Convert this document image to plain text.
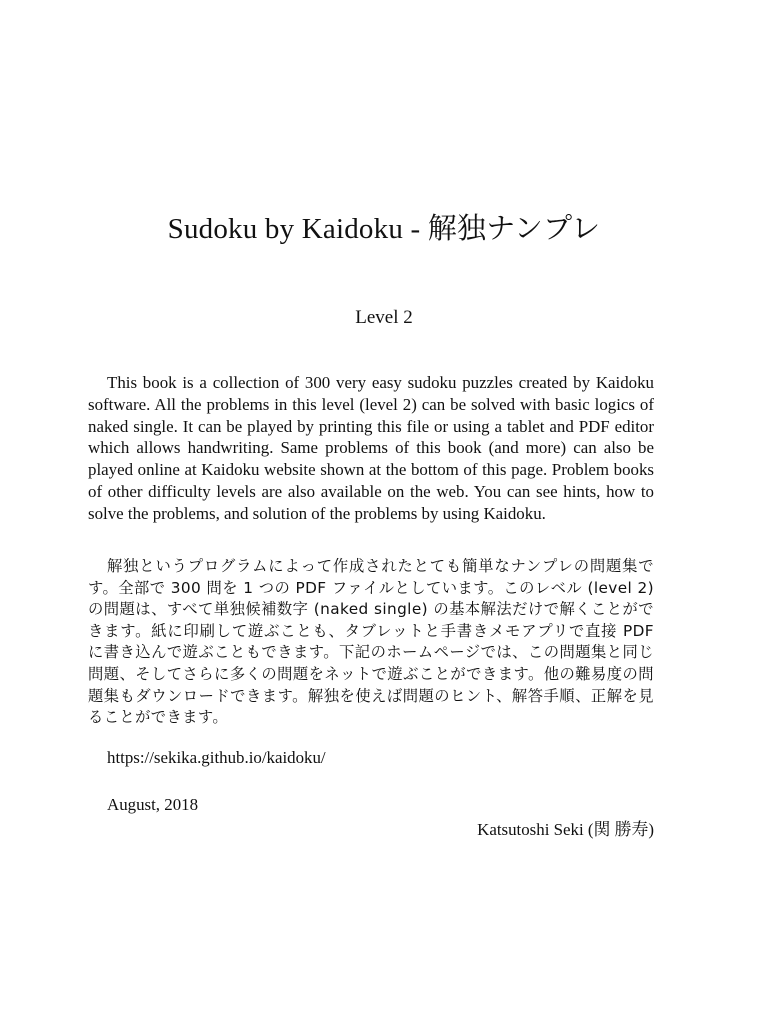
Sudoku by Kaidoku - 解独ナンプレ
Level 2

This book is a collection of 300 very easy sudoku puzzles created by Kaidoku software. All the problems in this level (level 2) can be solved with basic logics of naked single. It can be played by printing this file or using a tablet and PDF editor which allows handwriting. Same problems of this book (and more) can also be played online at Kaidoku website shown at the bottom of this page. Problem books of other difficulty levels are also available on the web. You can see hints, how to solve the problems, and solution of the problems by using Kaidoku.

解独というプログラムによって作成されたとても簡単なナンプレの問題集です。全部で 300 問を 1 つの PDF ファイルとしています。このレベル (level 2) の問題は、すべて単独候補数字 (naked single) の基本解法だけで解くことができます。紙に印刷して遊ぶことも、タブレットと手書きメモアプリで直接 PDF に書き込んで遊ぶこともできます。下記のホームページでは、この問題集と同じ問題、そしてさらに多くの問題をネットで遊ぶことができます。他の難易度の問題集もダウンロードできます。解独を使えば問題のヒント、解答手順、正解を見ることができます。

https://sekika.github.io/kaidoku/
August, 2018
Katsutoshi Seki (関 勝寿)
